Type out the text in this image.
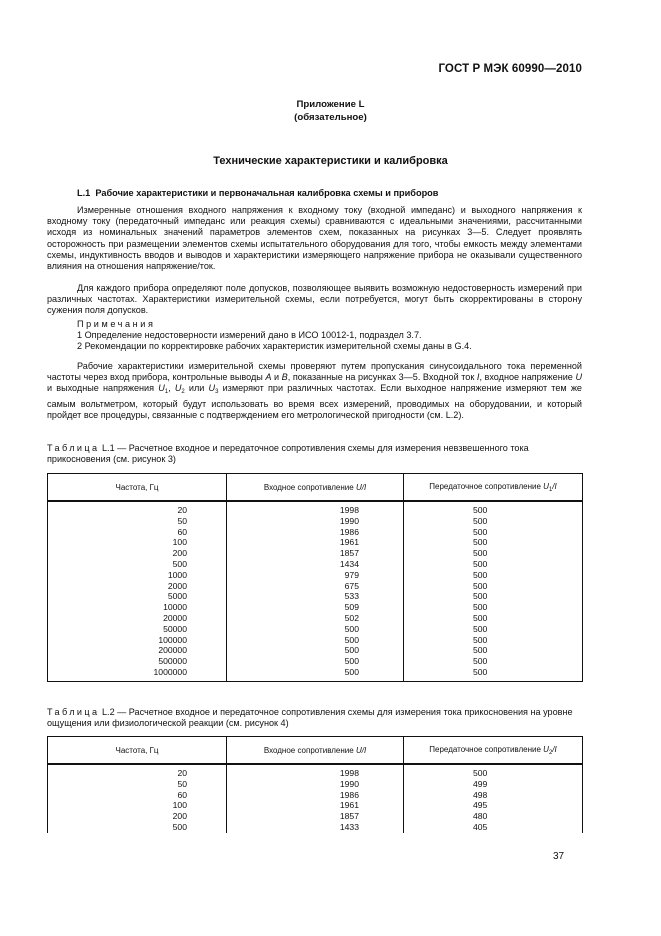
ГОСТ Р МЭК 60990—2010
Приложение L
(обязательное)
Технические характеристики и калибровка
L.1 Рабочие характеристики и первоначальная калибровка схемы и приборов

Измеренные отношения входного напряжения к входному току (входной импеданс) и выходного напряжения к входному току (передаточный импеданс или реакция схемы) сравниваются с идеальными значениями, рассчитанными исходя из номинальных значений параметров элементов схем, показанных на рисунках 3—5. Следует проявлять осторожность при размещении элементов схемы испытательного оборудования для того, чтобы емкость между элементами схемы, индуктивность вводов и выводов и характеристики измеряющего напряжение прибора не оказывали существенного влияния на отношения напряжение/ток.

Для каждого прибора определяют поле допусков, позволяющее выявить возможную недостоверность измерений при различных частотах. Характеристики измерительной схемы, если потребуется, могут быть скорректированы в сторону сужения поля допусков.

Примечания
1 Определение недостоверности измерений дано в ИСО 10012-1, подраздел 3.7.
2 Рекомендации по корректировке рабочих характеристик измерительной схемы даны в G.4.

Рабочие характеристики измерительной схемы проверяют путем пропускания синусоидального тока переменной частоты через вход прибора, контрольные выводы A и B, показанные на рисунках 3—5. Входной ток I, входное напряжение U и выходные напряжения $U_1$, $U_2$ или $U_3$ измеряют при различных частотах. Если выходное напряжение измеряют тем же самым вольтметром, который будут использовать во время всех измерений, проводимых на оборудовании, и который пройдет все процедуры, связанные с подтверждением его метрологической пригодности (см. L.2).

Таблица L.1 — Расчетное входное и передаточное сопротивления схемы для измерения невзвешенного тока прикосновения (см. рисунок 3)
Частота, Гц	Входное сопротивление U/I	Передаточное сопротивление $U_1/I$
20	1998	500
50	1990	500
60	1986	500
100	1961	500
200	1857	500
500	1434	500
1000	979	500
2000	675	500
5000	533	500
10000	509	500
20000	502	500
50000	500	500
100000	500	500
200000	500	500
500000	500	500
1000000	500	500
Таблица L.2 — Расчетное входное и передаточное сопротивления схемы для измерения тока прикосновения на уровне ощущения или физиологической реакции (см. рисунок 4)
Частота, Гц	Входное сопротивление U/I	Передаточное сопротивление $U_2/I$
20	1998	500
50	1990	499
60	1986	498
100	1961	495
200	1857	480
500	1433	405
37
